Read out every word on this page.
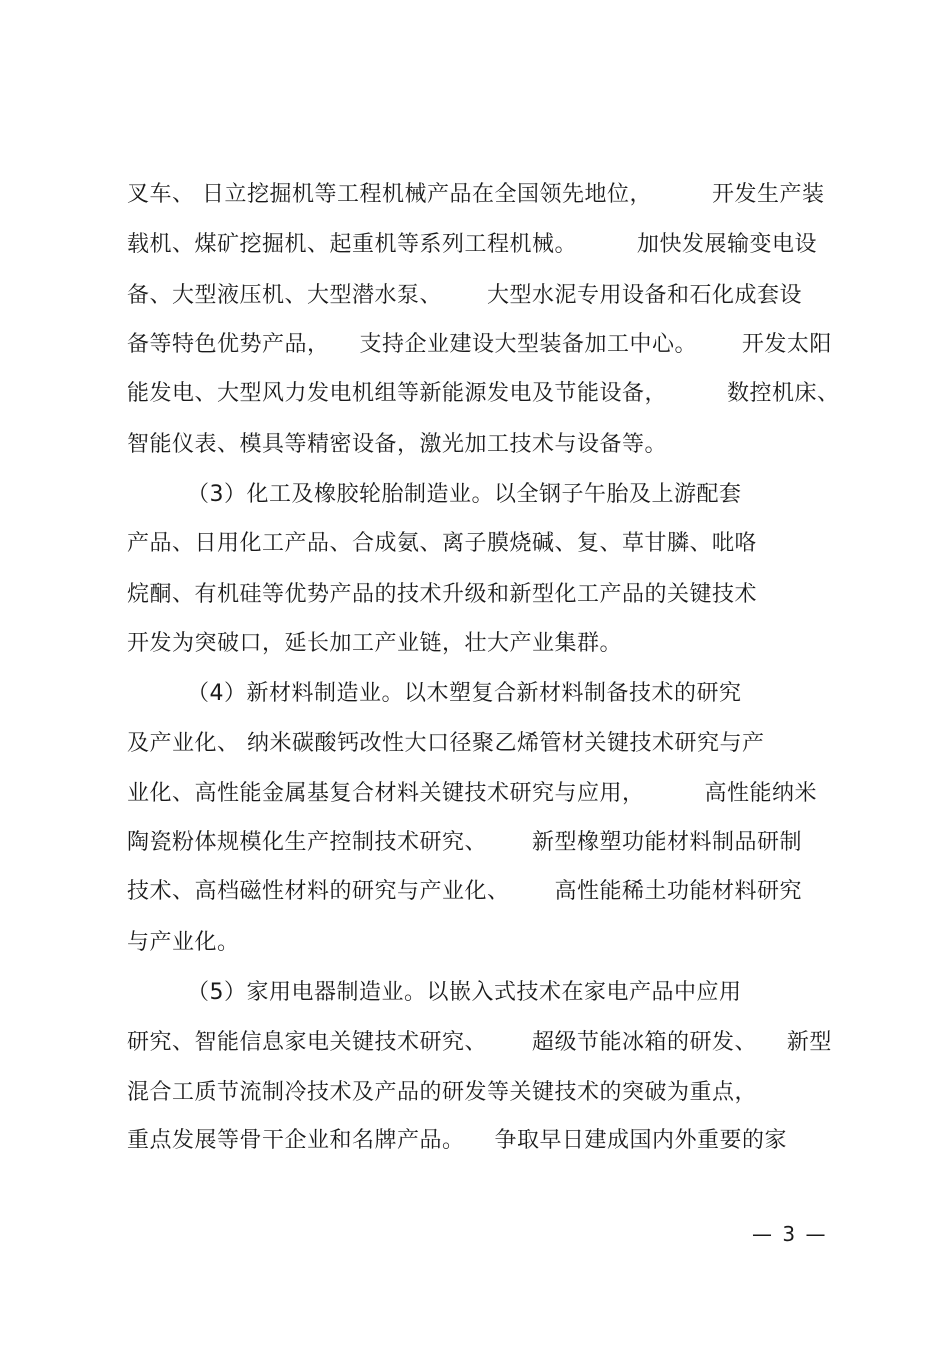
叉车、 日立挖掘机等工程机械产品在全国领先地位，        开发生产装
载机、煤矿挖掘机、起重机等系列工程机械。        加快发展输变电设
备、大型液压机、大型潜水泵、      大型水泥专用设备和石化成套设
备等特色优势产品，    支持企业建设大型装备加工中心。      开发太阳
能发电、大型风力发电机组等新能源发电及节能设备，        数控机床、
智能仪表、模具等精密设备，激光加工技术与设备等。
（3）化工及橡胶轮胎制造业。以全钢子午胎及上游配套
产品、日用化工产品、合成氨、离子膜烧碱、复、草甘膦、吡咯
烷酮、有机硅等优势产品的技术升级和新型化工产品的关键技术
开发为突破口，延长加工产业链，壮大产业集群。
（4）新材料制造业。以木塑复合新材料制备技术的研究
及产业化、 纳米碳酸钙改性大口径聚乙烯管材关键技术研究与产
业化、高性能金属基复合材料关键技术研究与应用，        高性能纳米
陶瓷粉体规模化生产控制技术研究、      新型橡塑功能材料制品研制
技术、高档磁性材料的研究与产业化、      高性能稀土功能材料研究
与产业化。
（5）家用电器制造业。以嵌入式技术在家电产品中应用
研究、智能信息家电关键技术研究、      超级节能冰箱的研发、    新型
混合工质节流制冷技术及产品的研发等关键技术的突破为重点，
重点发展等骨干企业和名牌产品。    争取早日建成国内外重要的家
— 3 —
